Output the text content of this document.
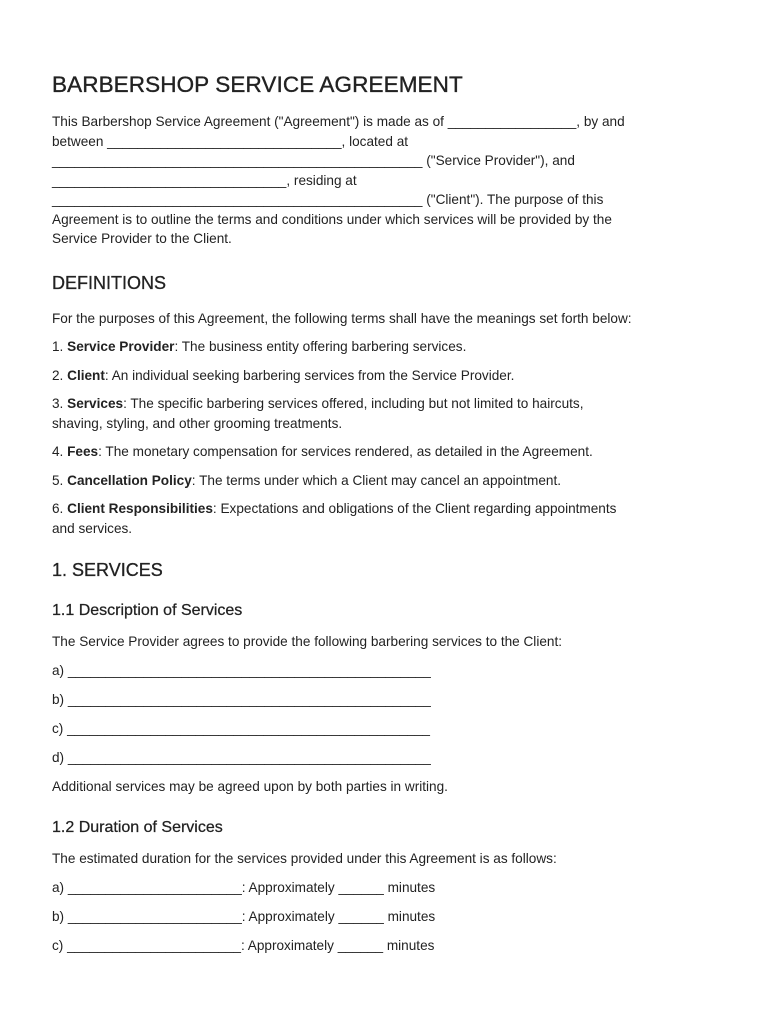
BARBERSHOP SERVICE AGREEMENT

This Barbershop Service Agreement ("Agreement") is made as of _________________, by and

between _______________________________, located at

_________________________________________________ ("Service Provider"), and

_______________________________, residing at

_________________________________________________ ("Client"). The purpose of this

Agreement is to outline the terms and conditions under which services will be provided by the

Service Provider to the Client.

DEFINITIONS

For the purposes of this Agreement, the following terms shall have the meanings set forth below:

1. Service Provider: The business entity offering barbering services.

2. Client: An individual seeking barbering services from the Service Provider.

3. Services: The specific barbering services offered, including but not limited to haircuts,

shaving, styling, and other grooming treatments.

4. Fees: The monetary compensation for services rendered, as detailed in the Agreement.

5. Cancellation Policy: The terms under which a Client may cancel an appointment.

6. Client Responsibilities: Expectations and obligations of the Client regarding appointments

and services.

1. SERVICES
1.1 Description of Services

The Service Provider agrees to provide the following barbering services to the Client:

a) ________________________________________________

b) ________________________________________________

c) ________________________________________________

d) ________________________________________________

Additional services may be agreed upon by both parties in writing.

1.2 Duration of Services

The estimated duration for the services provided under this Agreement is as follows:

a) _______________________: Approximately ______ minutes

b) _______________________: Approximately ______ minutes

c) _______________________: Approximately ______ minutes
